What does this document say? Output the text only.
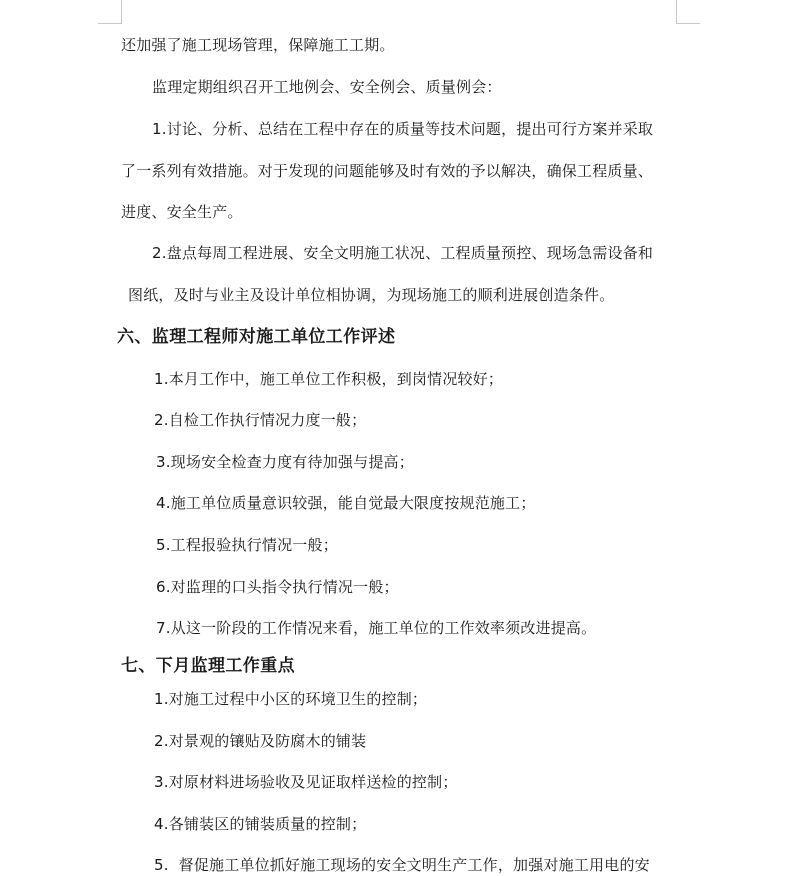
还加强了施工现场管理，保障施工工期。
监理定期组织召开工地例会、安全例会、质量例会：
1.讨论、分析、总结在工程中存在的质量等技术问题，提出可行方案并采取
了一系列有效措施。对于发现的问题能够及时有效的予以解决，确保工程质量、
进度、安全生产。
2.盘点每周工程进展、安全文明施工状况、工程质量预控、现场急需设备和
图纸，及时与业主及设计单位相协调，为现场施工的顺利进展创造条件。
六、监理工程师对施工单位工作评述
1.本月工作中，施工单位工作积极，到岗情况较好；
2.自检工作执行情况力度一般；
3.现场安全检查力度有待加强与提高；
4.施工单位质量意识较强，能自觉最大限度按规范施工；
5.工程报验执行情况一般；
6.对监理的口头指令执行情况一般；
7.从这一阶段的工作情况来看，施工单位的工作效率须改进提高。
七、下月监理工作重点
1.对施工过程中小区的环境卫生的控制；
2.对景观的镶贴及防腐木的铺装
3.对原材料进场验收及见证取样送检的控制；
4.各铺装区的铺装质量的控制；
5.  督促施工单位抓好施工现场的安全文明生产工作，加强对施工用电的安
